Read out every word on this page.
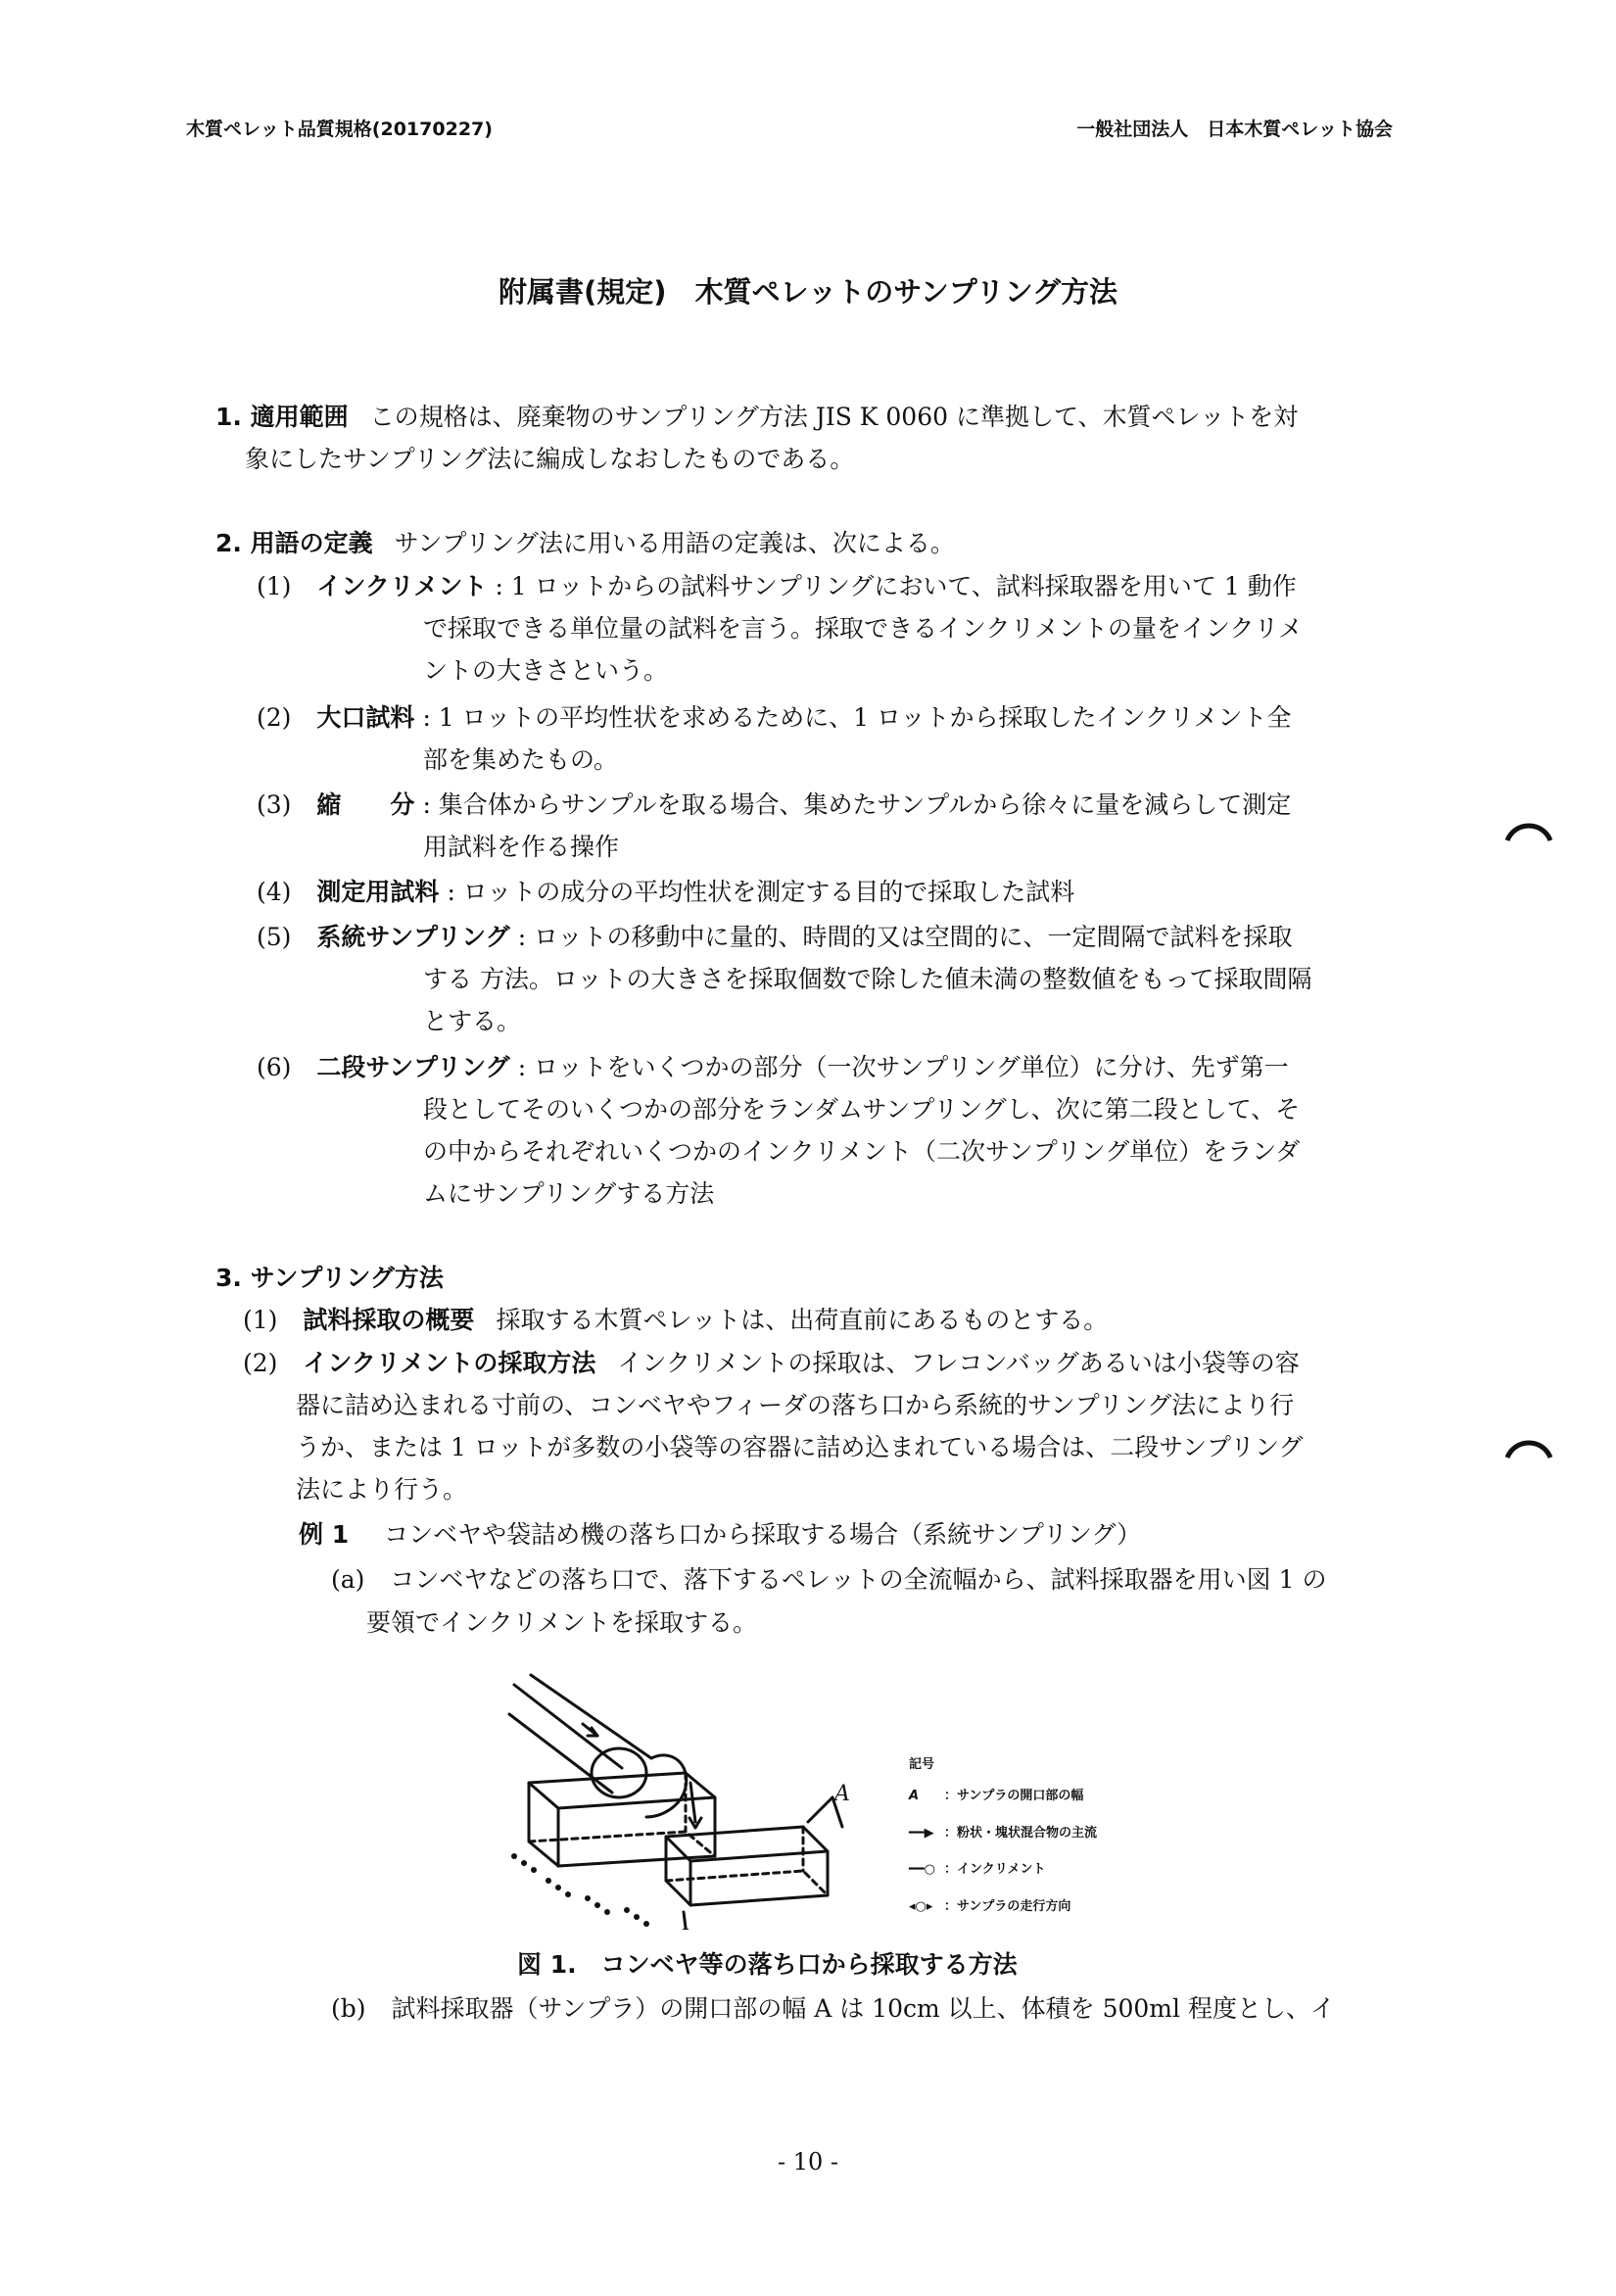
木質ペレット品質規格(20170227)	一般社団法人　日本木質ペレット協会
附属書(規定)　木質ペレットのサンプリング方法
1. 適用範囲 この規格は、廃棄物のサンプリング方法 JIS K 0060 に準拠して、木質ペレットを対
象にしたサンプリング法に編成しなおしたものである。
2. 用語の定義 サンプリング法に用いる用語の定義は、次による。
(1) インクリメント : 1 ロットからの試料サンプリングにおいて、試料採取器を用いて 1 動作
で採取できる単位量の試料を言う。採取できるインクリメントの量をインクリメ
ントの大きさという。
(2) 大口試料 : 1 ロットの平均性状を求めるために、1 ロットから採取したインクリメント全
部を集めたもの。
(3) 縮　　分 : 集合体からサンプルを取る場合、集めたサンプルから徐々に量を減らして測定
用試料を作る操作
(4) 測定用試料 : ロットの成分の平均性状を測定する目的で採取した試料
(5) 系統サンプリング : ロットの移動中に量的、時間的又は空間的に、一定間隔で試料を採取
する 方法。ロットの大きさを採取個数で除した値未満の整数値をもって採取間隔
とする。
(6) 二段サンプリング : ロットをいくつかの部分（一次サンプリング単位）に分け、先ず第一
段としてそのいくつかの部分をランダムサンプリングし、次に第二段として、そ
の中からそれぞれいくつかのインクリメント（二次サンプリング単位）をランダ
ムにサンプリングする方法
3. サンプリング方法
(1) 試料採取の概要 採取する木質ペレットは、出荷直前にあるものとする。
(2) インクリメントの採取方法 インクリメントの採取は、フレコンバッグあるいは小袋等の容
器に詰め込まれる寸前の、コンベヤやフィーダの落ち口から系統的サンプリング法により行
うか、または 1 ロットが多数の小袋等の容器に詰め込まれている場合は、二段サンプリング
法により行う。
例 1 コンベヤや袋詰め機の落ち口から採取する場合（系統サンプリング）
(a) コンベヤなどの落ち口で、落下するペレットの全流幅から、試料採取器を用い図 1 の
要領でインクリメントを採取する。
A
記号
A ：サンプラの開口部の幅
━━▶ ：粉状・塊状混合物の主流
━━○ ：インクリメント
◂○▸ ：サンプラの走行方向
図 1.　コンベヤ等の落ち口から採取する方法
(b) 試料採取器（サンプラ）の開口部の幅 A は 10cm 以上、体積を 500ml 程度とし、イ
- 10 -
